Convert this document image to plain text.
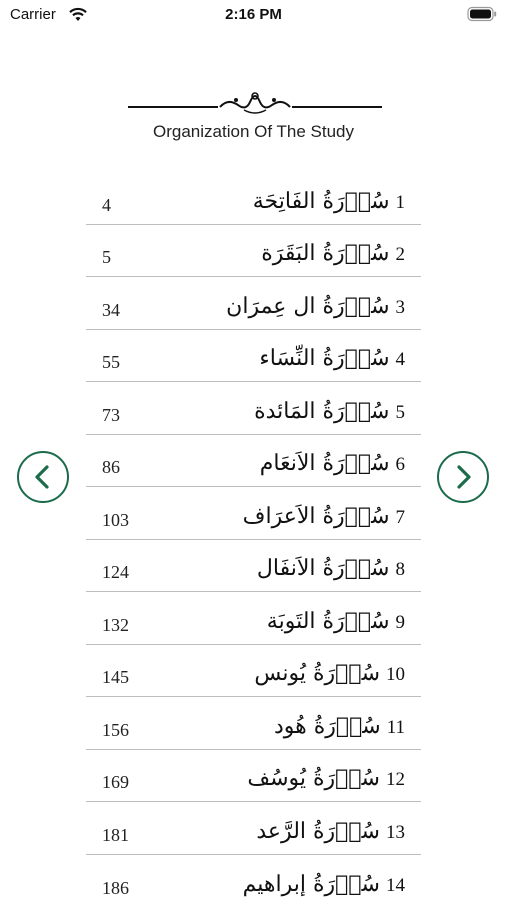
Carrier	2:16 PM
Organization Of The Study
4	1سُوۡرَةُ الفَاتِحَة
5	2سُوۡرَةُ البَقَرَة
34	3سُوۡرَةُ ال عِمرَان
55	4سُوۡرَةُ النِّسَاء
73	5سُوۡرَةُ المَائدة
86	6سُوۡرَةُ الاَنعَام
103	7سُوۡرَةُ الاَعرَاف
124	8سُوۡرَةُ الاَنفَال
132	9سُوۡرَةُ التَوبَة
145	10سُوۡرَةُ يُونس
156	11سُوۡرَةُ هُود
169	12سُوۡرَةُ يُوسُف
181	13سُوۡرَةُ الرَّعد
186	14سُوۡرَةُ إبراهيم
